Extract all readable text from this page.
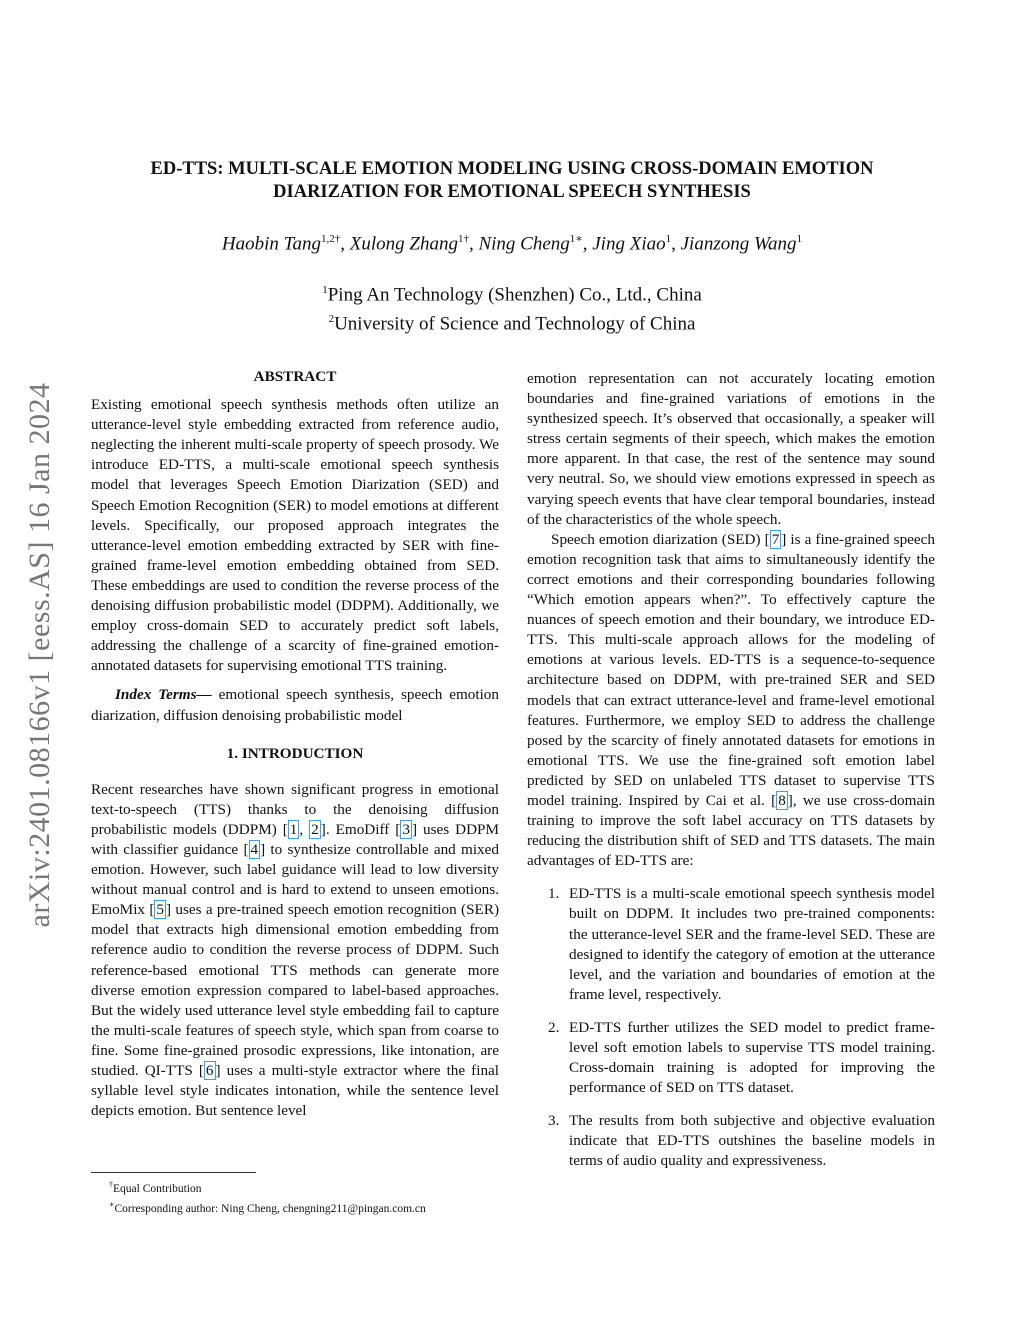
arXiv:2401.08166v1 [eess.AS] 16 Jan 2024
ED-TTS: MULTI-SCALE EMOTION MODELING USING CROSS-DOMAIN EMOTION DIARIZATION FOR EMOTIONAL SPEECH SYNTHESIS
Haobin Tang$^{1,2\dagger}$, Xulong Zhang$^{1\dagger}$, Ning Cheng$^{1∗}$, Jing Xiao$^1$, Jianzong Wang$^1$
$^1$Ping An Technology (Shenzhen) Co., Ltd., China
$^2$University of Science and Technology of China
ABSTRACT

Existing emotional speech synthesis methods often utilize an utterance-level style embedding extracted from reference audio, neglecting the inherent multi-scale property of speech prosody. We introduce ED-TTS, a multi-scale emotional speech synthesis model that leverages Speech Emotion Diarization (SED) and Speech Emotion Recognition (SER) to model emotions at different levels. Specifically, our proposed approach integrates the utterance-level emotion embedding extracted by SER with fine-grained frame-level emotion embedding obtained from SED. These embeddings are used to condition the reverse process of the denoising diffusion probabilistic model (DDPM). Additionally, we employ cross-domain SED to accurately predict soft labels, addressing the challenge of a scarcity of fine-grained emotion-annotated datasets for supervising emotional TTS training.

Index Terms— emotional speech synthesis, speech emotion diarization, diffusion denoising probabilistic model

1. INTRODUCTION

Recent researches have shown significant progress in emotional text-to-speech (TTS) thanks to the denoising diffusion probabilistic models (DDPM) [ 1 , 2 ]. EmoDiff [ 3 ] uses DDPM with classifier guidance [ 4 ] to synthesize controllable and mixed emotion. However, such label guidance will lead to low diversity without manual control and is hard to extend to unseen emotions. EmoMix [ 5 ] uses a pre-trained speech emotion recognition (SER) model that extracts high dimensional emotion embedding from reference audio to condition the reverse process of DDPM. Such reference-based emotional TTS methods can generate more diverse emotion expression compared to label-based approaches. But the widely used utterance level style embedding fail to capture the multi-scale features of speech style, which span from coarse to fine. Some fine-grained prosodic expressions, like intonation, are studied. QI-TTS [ 6 ] uses a multi-style extractor where the final syllable level style indicates intonation, while the sentence level depicts emotion. But sentence level

emotion representation can not accurately locating emotion boundaries and fine-grained variations of emotions in the synthesized speech. It’s observed that occasionally, a speaker will stress certain segments of their speech, which makes the emotion more apparent. In that case, the rest of the sentence may sound very neutral. So, we should view emotions expressed in speech as varying speech events that have clear temporal boundaries, instead of the characteristics of the whole speech.

Speech emotion diarization (SED) [ 7 ] is a fine-grained speech emotion recognition task that aims to simultaneously identify the correct emotions and their corresponding boundaries following “Which emotion appears when?”. To effectively capture the nuances of speech emotion and their boundary, we introduce ED-TTS. This multi-scale approach allows for the modeling of emotions at various levels. ED-TTS is a sequence-to-sequence architecture based on DDPM, with pre-trained SER and SED models that can extract utterance-level and frame-level emotional features. Furthermore, we employ SED to address the challenge posed by the scarcity of finely annotated datasets for emotions in emotional TTS. We use the fine-grained soft emotion label predicted by SED on unlabeled TTS dataset to supervise TTS model training. Inspired by Cai et al. [ 8 ], we use cross-domain training to improve the soft label accuracy on TTS datasets by reducing the distribution shift of SED and TTS datasets. The main advantages of ED-TTS are:

1. ED-TTS is a multi-scale emotional speech synthesis model built on DDPM. It includes two pre-trained components: the utterance-level SER and the frame-level SED. These are designed to identify the category of emotion at the utterance level, and the variation and boundaries of emotion at the frame level, respectively.
2. ED-TTS further utilizes the SED model to predict frame-level soft emotion labels to supervise TTS model training. Cross-domain training is adopted for improving the performance of SED on TTS dataset.
3. The results from both subjective and objective evaluation indicate that ED-TTS outshines the baseline models in terms of audio quality and expressiveness.

†Equal Contribution

∗Corresponding author: Ning Cheng, chengning211@pingan.com.cn
